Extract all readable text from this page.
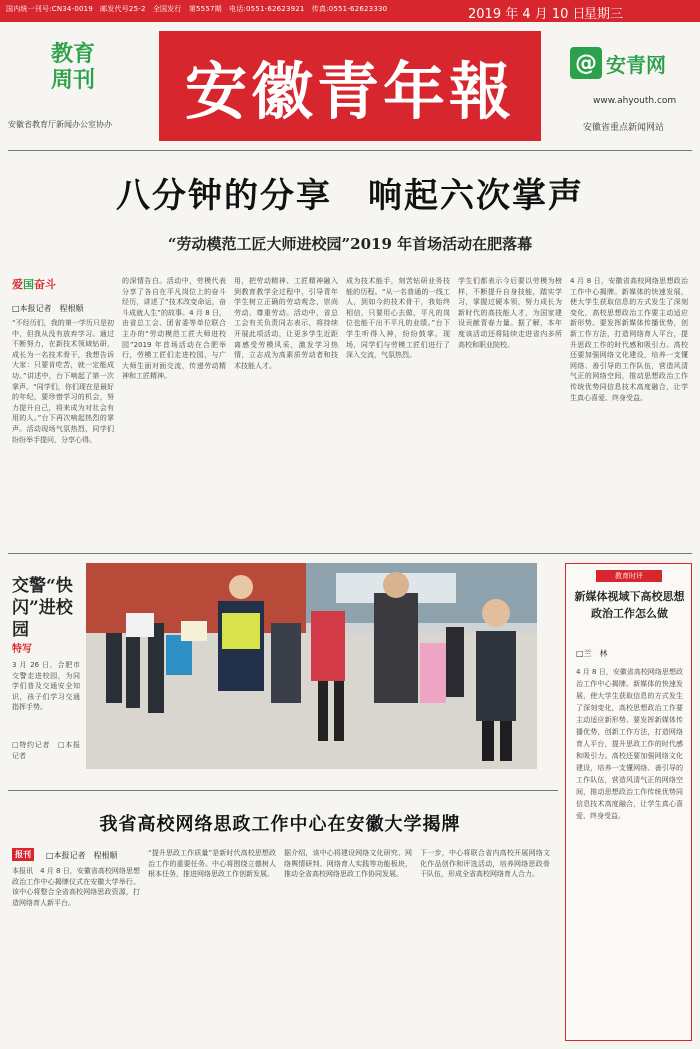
国内统一刊号:CN34-0019　邮发代号25-2　全国发行　第5557期　电话:0551-62623921　传真:0551-62623330	2019 年 4 月 10 日
星期三
教育
周刊
安徽省教育厅新闻办公室协办	安徽青年報	@ 安青网
www.ahyouth.com
安徽省重点新闻网站
八分钟的分享　响起六次掌声
“劳动模范工匠大师进校园”2019 年首场活动在肥落幕
爱国奋斗
□本报记者　程根顺
“不经历们，我的第一学历只是初中，但我从没有放弃学习。通过不断努力，在新技术领域钻研，成长为一名技术骨干，我想告诉大家：只要肯吃苦，就一定能成功。”讲述中，台下响起了第一次掌声。“同学们，你们现在是最好的年纪，要珍惜学习的机会，努力提升自己，将来成为对社会有用的人。”台下再次响起热烈的掌声。活动现场气氛热烈，同学们纷纷举手提问，分享心得。
的深情告白。活动中，劳模代表分享了各自在平凡岗位上的奋斗经历，讲述了“技术改变命运，奋斗成就人生”的故事。4 月 8 日，由省总工会、团省委等单位联合主办的“劳动模范工匠大师进校园”2019 年首场活动在合肥举行，劳模工匠们走进校园，与广大师生面对面交流，传递劳动精神和工匠精神。
用，把劳动精神、工匠精神融入到教育教学全过程中，引导青年学生树立正确的劳动观念，崇尚劳动、尊重劳动。活动中，省总工会有关负责同志表示，将持续开展此项活动，让更多学生近距离感受劳模风采，激发学习热情，立志成为高素质劳动者和技术技能人才。
成为技术能手，刻苦钻研业务技能的历程。“从一名普通的一线工人，到如今的技术骨干，我始终相信，只要用心去做，平凡的岗位也能干出不平凡的业绩。”台下学生听得入神，纷纷鼓掌。现场，同学们与劳模工匠们进行了深入交流，气氛热烈。
学生们都表示今后要以劳模为榜样，不断提升自身技能，踏实学习，掌握过硬本领，努力成长为新时代的高技能人才，为国家建设贡献青春力量。据了解，本年度该活动还将陆续走进省内多所高校和职业院校。
4 月 8 日，安徽省高校网络思想政治工作中心揭牌。新媒体的快速发展，使大学生获取信息的方式发生了深刻变化，高校思想政治工作要主动适应新形势。要发挥新媒体传播优势，创新工作方法，打造网络育人平台，提升思政工作的时代感和吸引力。高校还要加强网络文化建设，培养一支懂网络、善引导的工作队伍，营造风清气正的网络空间，推动思想政治工作传统优势同信息技术高度融合，让学生真心喜爱、终身受益。
交警“快闪”进校园
特写
3 月 26 日，合肥市交警走进校园，为同学们普及交通安全知识，孩子们学习交通指挥手势。
□特约记者　□本报记者
教育时评
新媒体视域下高校思想政治工作怎么做
□兰　林
4 月 8 日，安徽省高校网络思想政治工作中心揭牌。新媒体的快速发展，使大学生获取信息的方式发生了深刻变化，高校思想政治工作要主动适应新形势。要发挥新媒体传播优势，创新工作方法，打造网络育人平台，提升思政工作的时代感和吸引力。高校还要加强网络文化建设，培养一支懂网络、善引导的工作队伍，营造风清气正的网络空间，推动思想政治工作传统优势同信息技术高度融合，让学生真心喜爱、终身受益。
我省高校网络思政工作中心在安徽大学揭牌
报刊	□本报记者　程根顺
本报讯　4 月 8 日，安徽省高校网络思想政治工作中心揭牌仪式在安徽大学举行。该中心将整合全省高校网络思政资源，打造网络育人新平台。
“提升思政工作质量”是新时代高校思想政治工作的重要任务。中心将围绕立德树人根本任务，推进网络思政工作创新发展。
据介绍，该中心将建设网络文化研究、网络舆情研判、网络育人实践等功能板块，推动全省高校网络思政工作协同发展。
下一步，中心将联合省内高校开展网络文化作品创作和评选活动，培养网络思政骨干队伍，形成全省高校网络育人合力。
